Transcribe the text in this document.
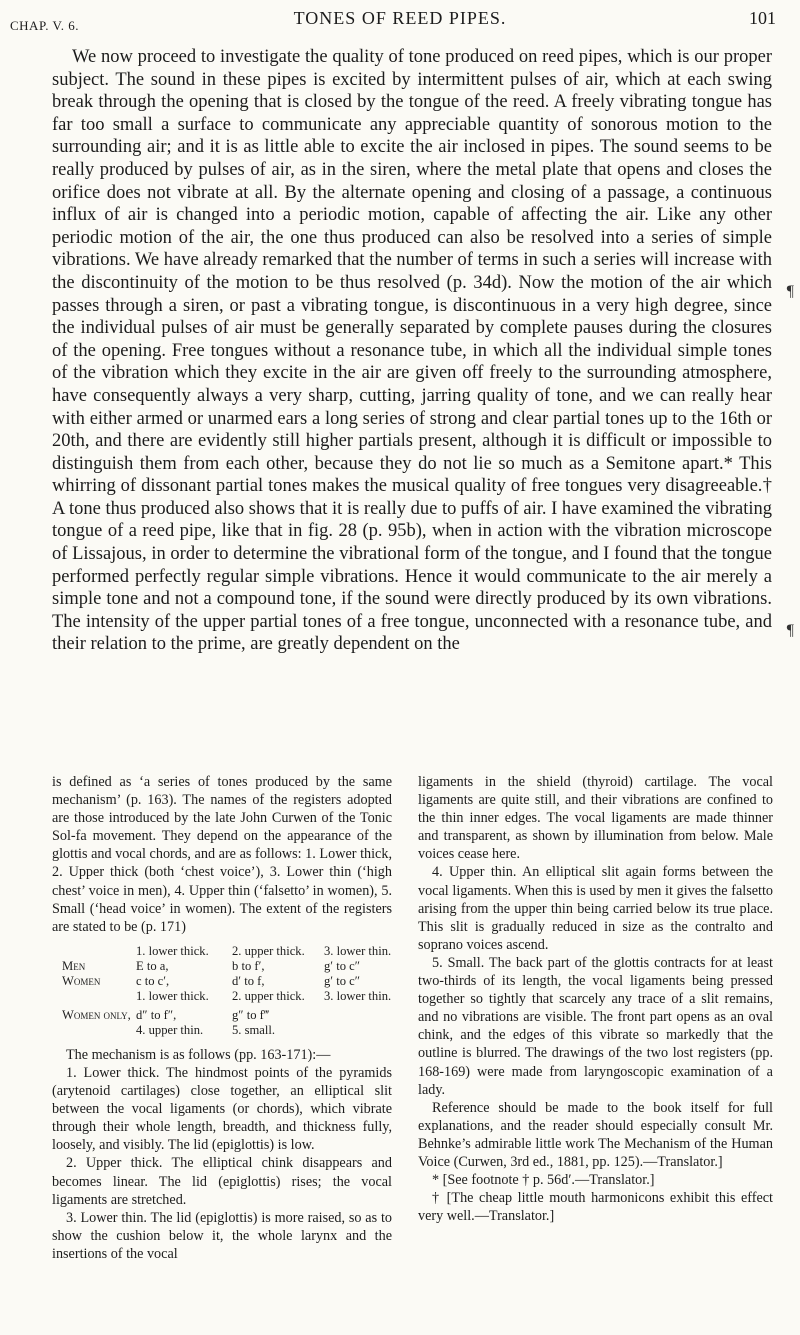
CHAP. V. 6.	TONES OF REED PIPES.	101

We now proceed to investigate the quality of tone produced on reed pipes, which is our proper subject. The sound in these pipes is excited by intermittent pulses of air, which at each swing break through the opening that is closed by the tongue of the reed. A freely vibrating tongue has far too small a surface to communicate any appreciable quantity of sonorous motion to the surrounding air; and it is as little able to excite the air inclosed in pipes. The sound seems to be really produced by pulses of air, as in the siren, where the metal plate that opens and closes the orifice does not vibrate at all. By the alternate opening and closing of a passage, a continuous influx of air is changed into a periodic motion, capable of affecting the air. Like any other periodic motion of the air, the one thus produced can also be resolved into a series of simple vibrations. We have already remarked that the number of terms in such a series will increase with the discontinuity of the motion to be thus resolved (p. 34d). Now the motion of the air which passes through a siren, or past a vibrating tongue, is discontinuous in a very high degree, since the individual pulses of air must be generally separated by complete pauses during the closures of the opening. Free tongues without a resonance tube, in which all the individual simple tones of the vibration which they excite in the air are given off freely to the surrounding atmosphere, have consequently always a very sharp, cutting, jarring quality of tone, and we can really hear with either armed or unarmed ears a long series of strong and clear partial tones up to the 16th or 20th, and there are evidently still higher partials present, although it is difficult or impossible to distinguish them from each other, because they do not lie so much as a Semitone apart.* This whirring of dissonant partial tones makes the musical quality of free tongues very disagreeable.† A tone thus produced also shows that it is really due to puffs of air. I have examined the vibrating tongue of a reed pipe, like that in fig. 28 (p. 95b), when in action with the vibration microscope of Lissajous, in order to determine the vibrational form of the tongue, and I found that the tongue performed perfectly regular simple vibrations. Hence it would communicate to the air merely a simple tone and not a compound tone, if the sound were directly produced by its own vibrations. The intensity of the upper partial tones of a free tongue, unconnected with a resonance tube, and their relation to the prime, are greatly dependent on the

¶
¶

is defined as ‘a series of tones produced by the same mechanism’ (p. 163). The names of the registers adopted are those introduced by the late John Curwen of the Tonic Sol-fa movement. They depend on the appearance of the glottis and vocal chords, and are as follows: 1. Lower thick, 2. Upper thick (both ‘chest voice’), 3. Lower thin (‘high chest’ voice in men), 4. Upper thin (‘falsetto’ in women), 5. Small (‘head voice’ in women). The extent of the registers are stated to be (p. 171)

1. lower thick.	2. upper thick.	3. lower thin.
Men	E to a,	b to f′,	g′ to c″
Women	c to c′,	d′ to f,	g′ to c″
1. lower thick.	2. upper thick.	3. lower thin.
Women only, d″ to f″,	g″ to f‴
4. upper thin.	5. small.

The mechanism is as follows (pp. 163-171):—

1. Lower thick. The hindmost points of the pyramids (arytenoid cartilages) close together, an elliptical slit between the vocal ligaments (or chords), which vibrate through their whole length, breadth, and thickness fully, loosely, and visibly. The lid (epiglottis) is low.

2. Upper thick. The elliptical chink disappears and becomes linear. The lid (epiglottis) rises; the vocal ligaments are stretched.

3. Lower thin. The lid (epiglottis) is more raised, so as to show the cushion below it, the whole larynx and the insertions of the vocal

ligaments in the shield (thyroid) cartilage. The vocal ligaments are quite still, and their vibrations are confined to the thin inner edges. The vocal ligaments are made thinner and transparent, as shown by illumination from below. Male voices cease here.

4. Upper thin. An elliptical slit again forms between the vocal ligaments. When this is used by men it gives the falsetto arising from the upper thin being carried below its true place. This slit is gradually reduced in size as the contralto and soprano voices ascend.

5. Small. The back part of the glottis contracts for at least two-thirds of its length, the vocal ligaments being pressed together so tightly that scarcely any trace of a slit remains, and no vibrations are visible. The front part opens as an oval chink, and the edges of this vibrate so markedly that the outline is blurred. The drawings of the two lost registers (pp. 168-169) were made from laryngoscopic examination of a lady.

Reference should be made to the book itself for full explanations, and the reader should especially consult Mr. Behnke’s admirable little work The Mechanism of the Human Voice (Curwen, 3rd ed., 1881, pp. 125).—Translator.]

* [See footnote † p. 56d′.—Translator.]

† [The cheap little mouth harmonicons exhibit this effect very well.—Translator.]
